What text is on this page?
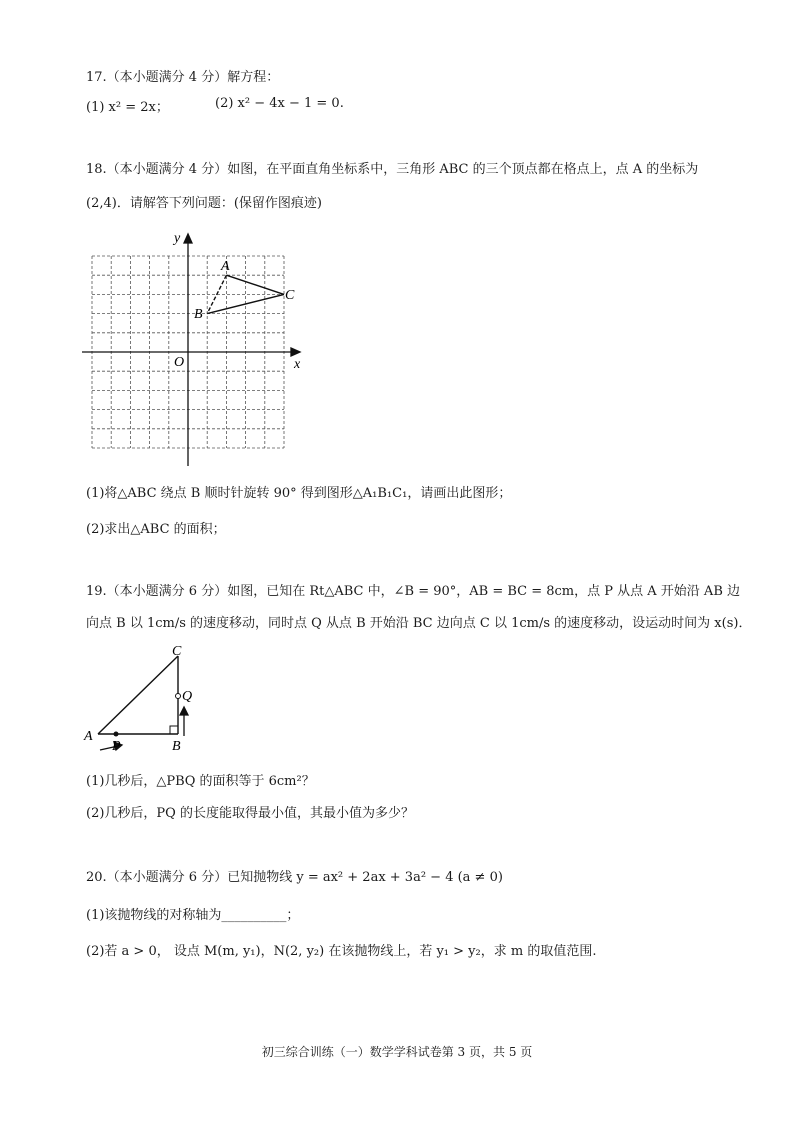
17.（本小题满分 4 分）解方程：
(1) x² = 2x；	(2) x² − 4x − 1 = 0.
18.（本小题满分 4 分）如图，在平面直角坐标系中，三角形 ABC 的三个顶点都在格点上，点 A 的坐标为
(2,4)．请解答下列问题：(保留作图痕迹)
x
y
O
A
B
C
(1)将△ABC 绕点 B 顺时针旋转 90° 得到图形△A₁B₁C₁，请画出此图形；
(2)求出△ABC 的面积；
19.（本小题满分 6 分）如图，已知在 Rt△ABC 中，∠B = 90°，AB = BC = 8cm，点 P 从点 A 开始沿 AB 边
向点 B 以 1cm/s 的速度移动，同时点 Q 从点 B 开始沿 BC 边向点 C 以 1cm/s 的速度移动，设运动时间为 x(s)．
A
B
C
P
Q
(1)几秒后，△PBQ 的面积等于 6cm²？
(2)几秒后，PQ 的长度能取得最小值，其最小值为多少？
20.（本小题满分 6 分）已知抛物线 y = ax² + 2ax + 3a² − 4 (a ≠ 0)
(1)该抛物线的对称轴为__________；
(2)若 a > 0， 设点 M(m, y₁)，N(2, y₂) 在该抛物线上，若 y₁ > y₂，求 m 的取值范围.
初三综合训练（一）数学学科试卷第 3 页，共 5 页
